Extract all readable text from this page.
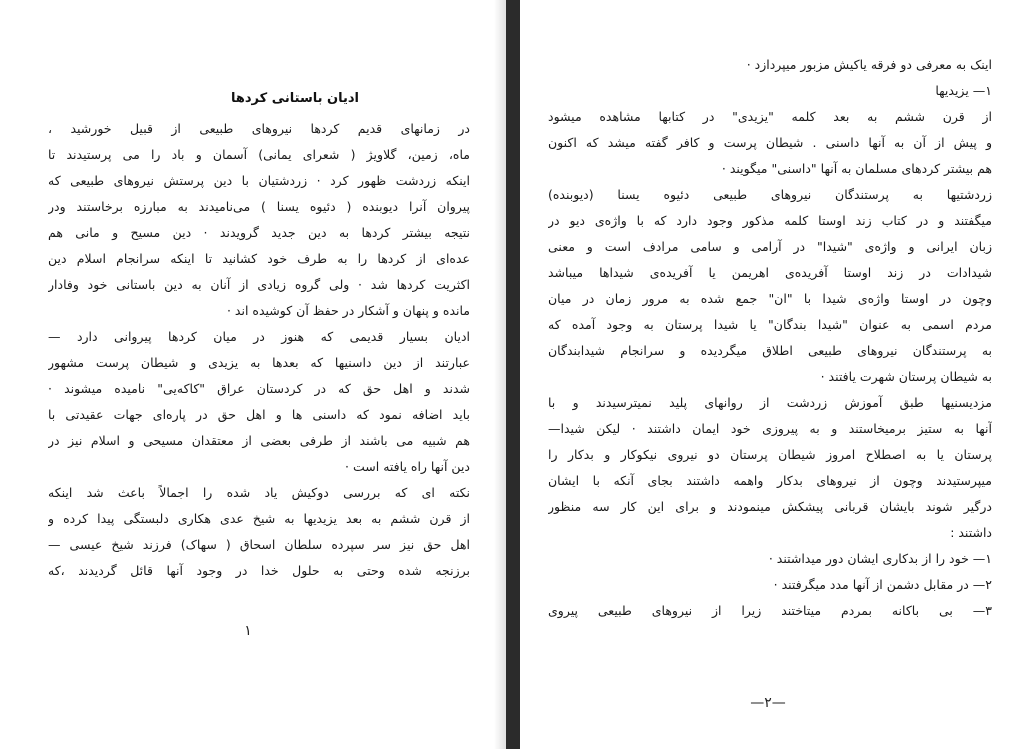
ادیان باستانی کردها
در زمانهای قدیم کردها نیروهای طبیعی از قبیل خورشید ،
ماه، زمین، گلاویژ ( شعرای یمانی) آسمان و باد را می پرستیدند تا
اینکه زردشت ظهور کرد · زردشتیان با دین پرستش نیروهای طبیعی که
پیروان آنرا دیوبنده ( دئیوه یسنا ) می‌نامیدند به مبارزه برخاستند ودر
نتیجه بیشتر کردها به دین جدید گرویدند · دین مسیح و مانی هم
عده‌ای از کردها را به طرف خود کشانید تا اینکه سرانجام اسلام دین
اکثریت کردها شد · ولی گروه زیادی از آنان به دین باستانی خود وفادار
مانده و پنهان و آشکار در حفظ آن کوشیده اند ·
ادیان بسیار قدیمی که هنوز در میان کردها پیروانی دارد —
عبارتند از دین داسنیها که بعدها به یزیدی و شیطان پرست مشهور
شدند و اهل حق که در کردستان عراق "کاکه‌یی" نامیده میشوند ·
باید اضافه نمود که داسنی ها و اهل حق در پاره‌ای جهات عقیدتی با
هم شبیه می باشند از طرفی بعضی از معتقدان مسیحی و اسلام نیز در
دین آنها راه یافته است ·
نکته ای که بررسی دوکیش یاد شده را اجمالاً باعث شد اینکه
از قرن ششم به بعد یزیدیها به شیخ عدی هکاری دلبستگی پیدا کرده و
اهل حق نیز سر سپرده سلطان اسحاق ( سهاک) فرزند شیخ عیسی —
برزنجه شده وحتی به حلول خدا در وجود آنها قائل گردیدند ،که
۱
اینک به معرفی دو فرقه یاکیش مزبور میپردازد ·
۱— یزیدیها
از قرن ششم به بعد کلمه "یزیدی" در کتابها مشاهده میشود
و پیش از آن به آنها داسنی . شیطان پرست و کافر گفته میشد که اکنون
هم بیشتر کردهای مسلمان به آنها "داسنی" میگویند ·
زردشتیها به پرستندگان نیروهای طبیعی دئیوه یسنا (دیوبنده)
میگفتند و در کتاب زند اوستا کلمه مذکور وجود دارد که با واژه‌ی دیو در
زبان ایرانی و واژه‌ی "شیدا" در آرامی و سامی مرادف است و معنی
شیدادات در زند اوستا آفریده‌ی اهریمن یا آفریده‌ی شیداها میباشد
وچون در اوستا واژه‌ی شیدا با "ان" جمع شده به مرور زمان در میان
مردم اسمی به عنوان "شیدا بندگان" یا شیدا پرستان به وجود آمده که
به پرستندگان نیروهای طبیعی اطلاق میگردیده و سرانجام شیدابندگان
به شیطان پرستان شهرت یافتند ·
مزدیسنیها طبق آموزش زردشت از روانهای پلید نمیترسیدند و با
آنها به ستیز برمیخاستند و به پیروزی خود ایمان داشتند · لیکن شیدا—
پرستان یا به اصطلاح امروز شیطان پرستان دو نیروی نیکوکار و بدکار را
میپرستیدند وچون از نیروهای بدکار واهمه داشتند بجای آنکه با ایشان
درگیر شوند بایشان قربانی پیشکش مینمودند و برای این کار سه منظور
داشتند :
۱— خود را از بدکاری ایشان دور میداشتند ·
۲— در مقابل دشمن از آنها مدد میگرفتند ·
۳— بی باکانه بمردم میتاختند زیرا از نیروهای طبیعی پیروی
—۲—
